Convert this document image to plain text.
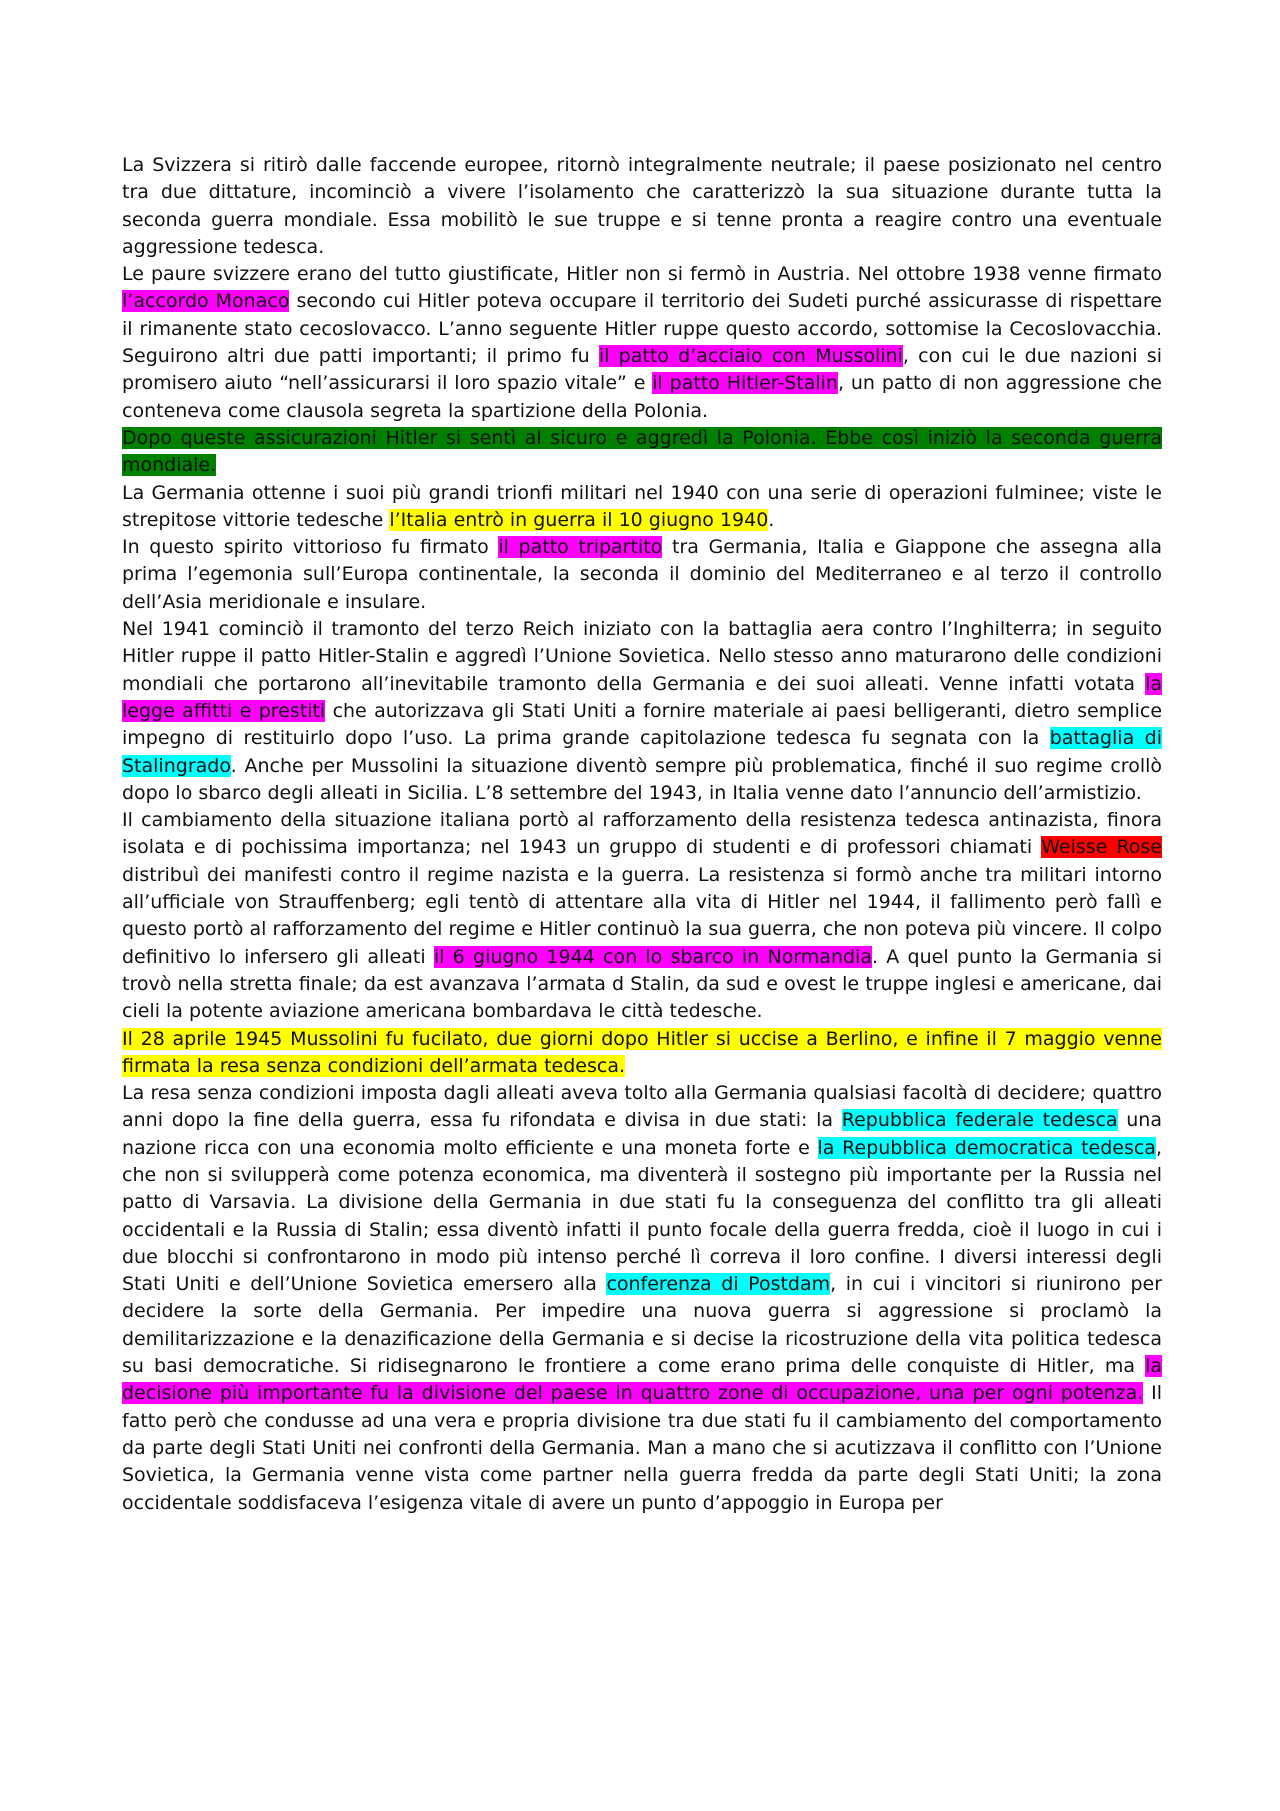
La Svizzera si ritirò dalle faccende europee, ritornò integralmente neutrale; il paese posizionato nel centro tra due dittature, incominciò a vivere l’isolamento che caratterizzò la sua situazione durante tutta la seconda guerra mondiale. Essa mobilitò le sue truppe e si tenne pronta a reagire contro una eventuale aggressione tedesca.

Le paure svizzere erano del tutto giustificate, Hitler non si fermò in Austria. Nel ottobre 1938 venne firmato l’accordo Monaco secondo cui Hitler poteva occupare il territorio dei Sudeti purché assicurasse di rispettare il rimanente stato cecoslovacco. L’anno seguente Hitler ruppe questo accordo, sottomise la Cecoslovacchia. Seguirono altri due patti importanti; il primo fu il patto d’acciaio con Mussolini, con cui le due nazioni si promisero aiuto “nell’assicurarsi il loro spazio vitale” e il patto Hitler-Stalin, un patto di non aggressione che conteneva come clausola segreta la spartizione della Polonia.

Dopo queste assicurazioni Hitler si sentì al sicuro e aggredì la Polonia. Ebbe così iniziò la seconda guerra mondiale.

La Germania ottenne i suoi più grandi trionfi militari nel 1940 con una serie di operazioni fulminee; viste le strepitose vittorie tedesche l’Italia entrò in guerra il 10 giugno 1940.

In questo spirito vittorioso fu firmato il patto tripartito tra Germania, Italia e Giappone che assegna alla prima l’egemonia sull’Europa continentale, la seconda il dominio del Mediterraneo e al terzo il controllo dell’Asia meridionale e insulare.

Nel 1941 cominciò il tramonto del terzo Reich iniziato con la battaglia aera contro l’Inghilterra; in seguito Hitler ruppe il patto Hitler-Stalin e aggredì l’Unione Sovietica. Nello stesso anno maturarono delle condizioni mondiali che portarono all’inevitabile tramonto della Germania e dei suoi alleati. Venne infatti votata la legge affitti e prestiti che autorizzava gli Stati Uniti a fornire materiale ai paesi belligeranti, dietro semplice impegno di restituirlo dopo l’uso. La prima grande capitolazione tedesca fu segnata con la battaglia di Stalingrado. Anche per Mussolini la situazione diventò sempre più problematica, finché il suo regime crollò dopo lo sbarco degli alleati in Sicilia. L’8 settembre del 1943, in Italia venne dato l’annuncio dell’armistizio.

Il cambiamento della situazione italiana portò al rafforzamento della resistenza tedesca antinazista, finora isolata e di pochissima importanza; nel 1943 un gruppo di studenti e di professori chiamati Weisse Rose distribuì dei manifesti contro il regime nazista e la guerra. La resistenza si formò anche tra militari intorno all’ufficiale von Strauffenberg; egli tentò di attentare alla vita di Hitler nel 1944, il fallimento però fallì e questo portò al rafforzamento del regime e Hitler continuò la sua guerra, che non poteva più vincere. Il colpo definitivo lo infersero gli alleati il 6 giugno 1944 con lo sbarco in Normandia. A quel punto la Germania si trovò nella stretta finale; da est avanzava l’armata d Stalin, da sud e ovest le truppe inglesi e americane, dai cieli la potente aviazione americana bombardava le città tedesche.

Il 28 aprile 1945 Mussolini fu fucilato, due giorni dopo Hitler si uccise a Berlino, e infine il 7 maggio venne firmata la resa senza condizioni dell’armata tedesca.

La resa senza condizioni imposta dagli alleati aveva tolto alla Germania qualsiasi facoltà di decidere; quattro anni dopo la fine della guerra, essa fu rifondata e divisa in due stati: la Repubblica federale tedesca una nazione ricca con una economia molto efficiente e una moneta forte e la Repubblica democratica tedesca, che non si svilupperà come potenza economica, ma diventerà il sostegno più importante per la Russia nel patto di Varsavia. La divisione della Germania in due stati fu la conseguenza del conflitto tra gli alleati occidentali e la Russia di Stalin; essa diventò infatti il punto focale della guerra fredda, cioè il luogo in cui i due blocchi si confrontarono in modo più intenso perché lì correva il loro confine. I diversi interessi degli Stati Uniti e dell’Unione Sovietica emersero alla conferenza di Postdam, in cui i vincitori si riunirono per decidere la sorte della Germania. Per impedire una nuova guerra si aggressione si proclamò la demilitarizzazione e la denazificazione della Germania e si decise la ricostruzione della vita politica tedesca su basi democratiche. Si ridisegnarono le frontiere a come erano prima delle conquiste di Hitler, ma la decisione più importante fu la divisione del paese in quattro zone di occupazione, una per ogni potenza. Il fatto però che condusse ad una vera e propria divisione tra due stati fu il cambiamento del comportamento da parte degli Stati Uniti nei confronti della Germania. Man a mano che si acutizzava il conflitto con l’Unione Sovietica, la Germania venne vista come partner nella guerra fredda da parte degli Stati Uniti; la zona occidentale soddisfaceva l’esigenza vitale di avere un punto d’appoggio in Europa per
